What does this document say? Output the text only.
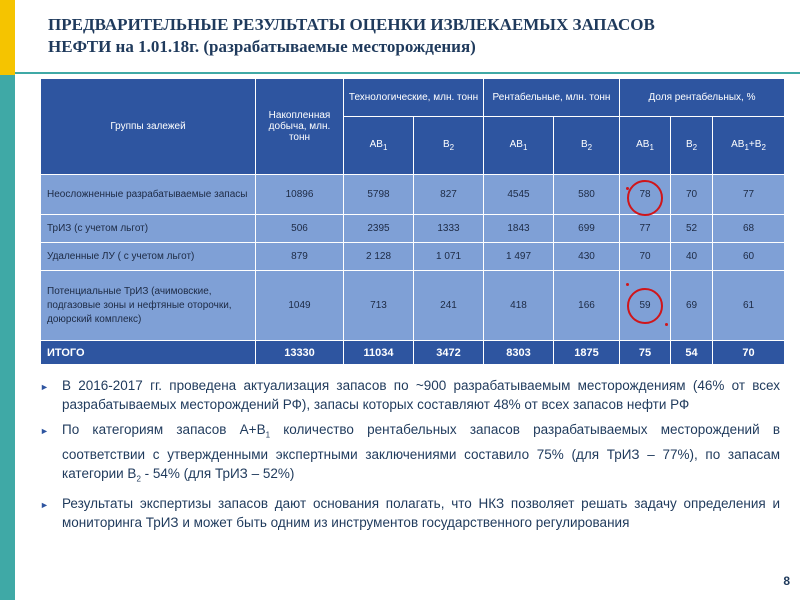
ПРЕДВАРИТЕЛЬНЫЕ РЕЗУЛЬТАТЫ ОЦЕНКИ ИЗВЛЕКАЕМЫХ ЗАПАСОВ
НЕФТИ на 1.01.18г. (разрабатываемые месторождения)
Группы залежей	Накопленная добыча, млн. тонн	Технологические, млн. тонн		Рентабельные, млн. тонн		Доля рентабельных, %		
		$АВ_1$	$В_2$	$АВ_1$	$В_2$	$АВ_1$	$В_2$	$АВ_1+В_2$
Неосложненные разрабатываемые запасы	10896	5798	827	4545	580	78	70	77
ТрИЗ (с учетом льгот)	506	2395	1333	1843	699	77	52	68
Удаленные ЛУ ( с учетом льгот)	879	2 128	1 071	1 497	430	70	40	60
Потенциальные ТрИЗ (ачимовские, подгазовые зоны и нефтяные оторочки, доюрский комплекс)	1049	713	241	418	166	59	69	61
ИТОГО	13330	11034	3472	8303	1875	75	54	70
► В 2016-2017 гг. проведена актуализация запасов по ~900 разрабатываемым месторождениям (46% от всех разрабатываемых месторождений РФ), запасы которых составляют 48% от всех запасов нефти РФ
► По категориям запасов $А+В_1$ количество рентабельных запасов разрабатываемых месторождений в соответствии с утвержденными экспертными заключениями составило 75% (для ТрИЗ – 77%), по запасам категории $В_2 - 54\%$ (для ТрИЗ – 52%)
► Результаты экспертизы запасов дают основания полагать, что НКЗ позволяет решать задачу определения и мониторинга ТрИЗ и может быть одним из инструментов государственного регулирования
8
